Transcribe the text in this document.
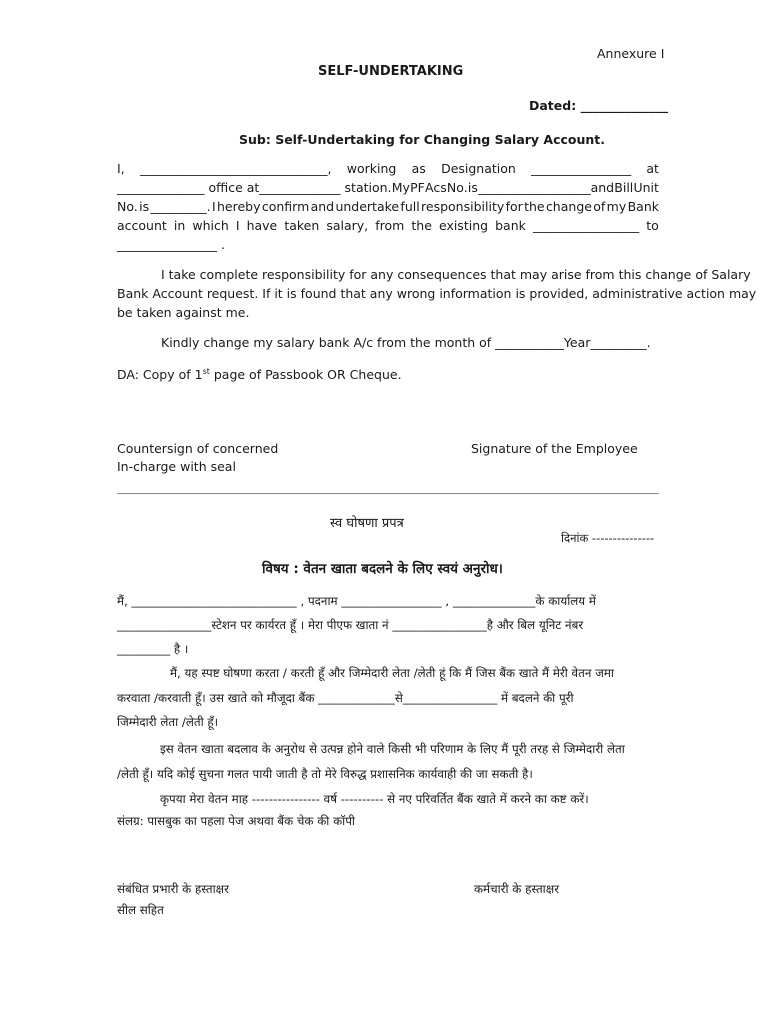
Annexure I
SELF-UNDERTAKING
Dated: ______________
Sub: Self-Undertaking for Changing Salary Account.
I, ______________________________, working as Designation ________________ at
______________ office at_____________ station. My PF Acs No. is __________________and Bill Unit
No. is _________. I hereby confirm and undertake full responsibility for the change of my Bank
account in which I have taken salary, from the existing bank _________________ to
________________ .
I take complete responsibility for any consequences that may arise from this change of Salary
Bank Account request. If it is found that any wrong information is provided, administrative action may
be taken against me.
Kindly change my salary bank A/c from the month of ___________Year_________.
DA: Copy of 1st page of Passbook OR Cheque.
Countersign of concerned
In-charge with seal
Signature of the Employee
स्व घोषणा प्रपत्र
दिनांक ---------------
विषय : वेतन खाता बदलने के लिए स्वयं अनुरोध।
मैं, ____________________________ , पदनाम _________________ , ______________के कार्यालय में
________________स्टेशन पर कार्यरत हूँ । मेरा पीएफ खाता नं ________________है और बिल यूनिट नंबर
_________ है ।
मैं, यह स्पष्ट घोषणा करता / करती हूँ और जिम्मेदारी लेता /लेती हूं कि मैं जिस बैंक खाते मैं मेरी वेतन जमा
करवाता /करवाती हूँ। उस खाते को मौजूदा बैंक _____________से________________ में बदलने की पूरी
जिम्मेदारी लेता /लेती हूँ।
इस वेतन खाता बदलाव के अनुरोध से उत्पन्न होने वाले किसी भी परिणाम के लिए मैं पूरी तरह से जिम्मेदारी लेता
/लेती हूँ। यदि कोई सुचना गलत पायी जाती है तो मेरे विरुद्ध प्रशासनिक कार्यवाही की जा सकती है।
कृपया मेरा वेतन माह ---------------- वर्ष ---------- से नए परिवर्तित बैंक खाते में करने का कष्ट करें।
संलग्र: पासबुक का पहला पेज अथवा बैंक चेक की कॉपी
संबंधित प्रभारी के हस्ताक्षर
सील सहित
कर्मचारी के हस्ताक्षर
